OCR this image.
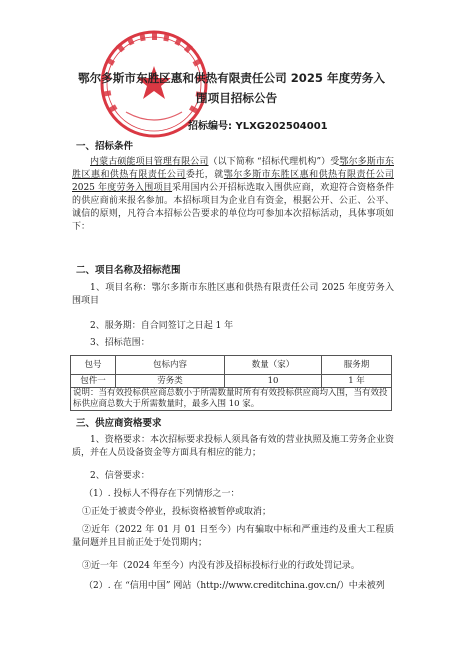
鄂尔多斯市东胜区惠和供热有限责任公司 2025 年度劳务入
围项目招标公告
招标编号: YLXG202504001
一、招标条件

内蒙古硕能项目管理有限公司（以下简称 “招标代理机构”）受鄂尔多斯市东胜区惠和供热有限责任公司委托，就鄂尔多斯市东胜区惠和供热有限责任公司 2025 年度劳务入围项目采用国内公开招标选取入围供应商，欢迎符合资格条件的供应商前来报名参加。本招标项目为企业自有资金，根据公开、公正、公平、诚信的原则，凡符合本招标公告要求的单位均可参加本次招标活动，具体事项如下：

二、项目名称及招标范围
1、项目名称：鄂尔多斯市东胜区惠和供热有限责任公司 2025 年度劳务入围项目
2、服务期：自合同签订之日起 1 年
3、招标范围：
包号	包标内容	数量（家）	服务期
包件一	劳务类	10	1 年
说明：当有效投标供应商总数小于所需数量时所有有效投标供应商均入围，当有效投标供应商总数大于所需数量时，最多入围 10 家。			
三、供应商资格要求
1、资格要求：本次招标要求投标人须具备有效的营业执照及施工劳务企业资质，并在人员设备资金等方面具有相应的能力；
2、信誉要求：
（1）. 投标人不得存在下列情形之一：
①正处于被责令停业，投标资格被暂停或取消；
②近年（2022 年 01 月 01 日至今）内有骗取中标和严重违约及重大工程质量问题并且目前正处于处罚期内；
③近一年（2024 年至今）内没有涉及招标投标行业的行政处罚记录。
（2）. 在 “信用中国” 网站（http://www.creditchina.gov.cn/）中未被列
